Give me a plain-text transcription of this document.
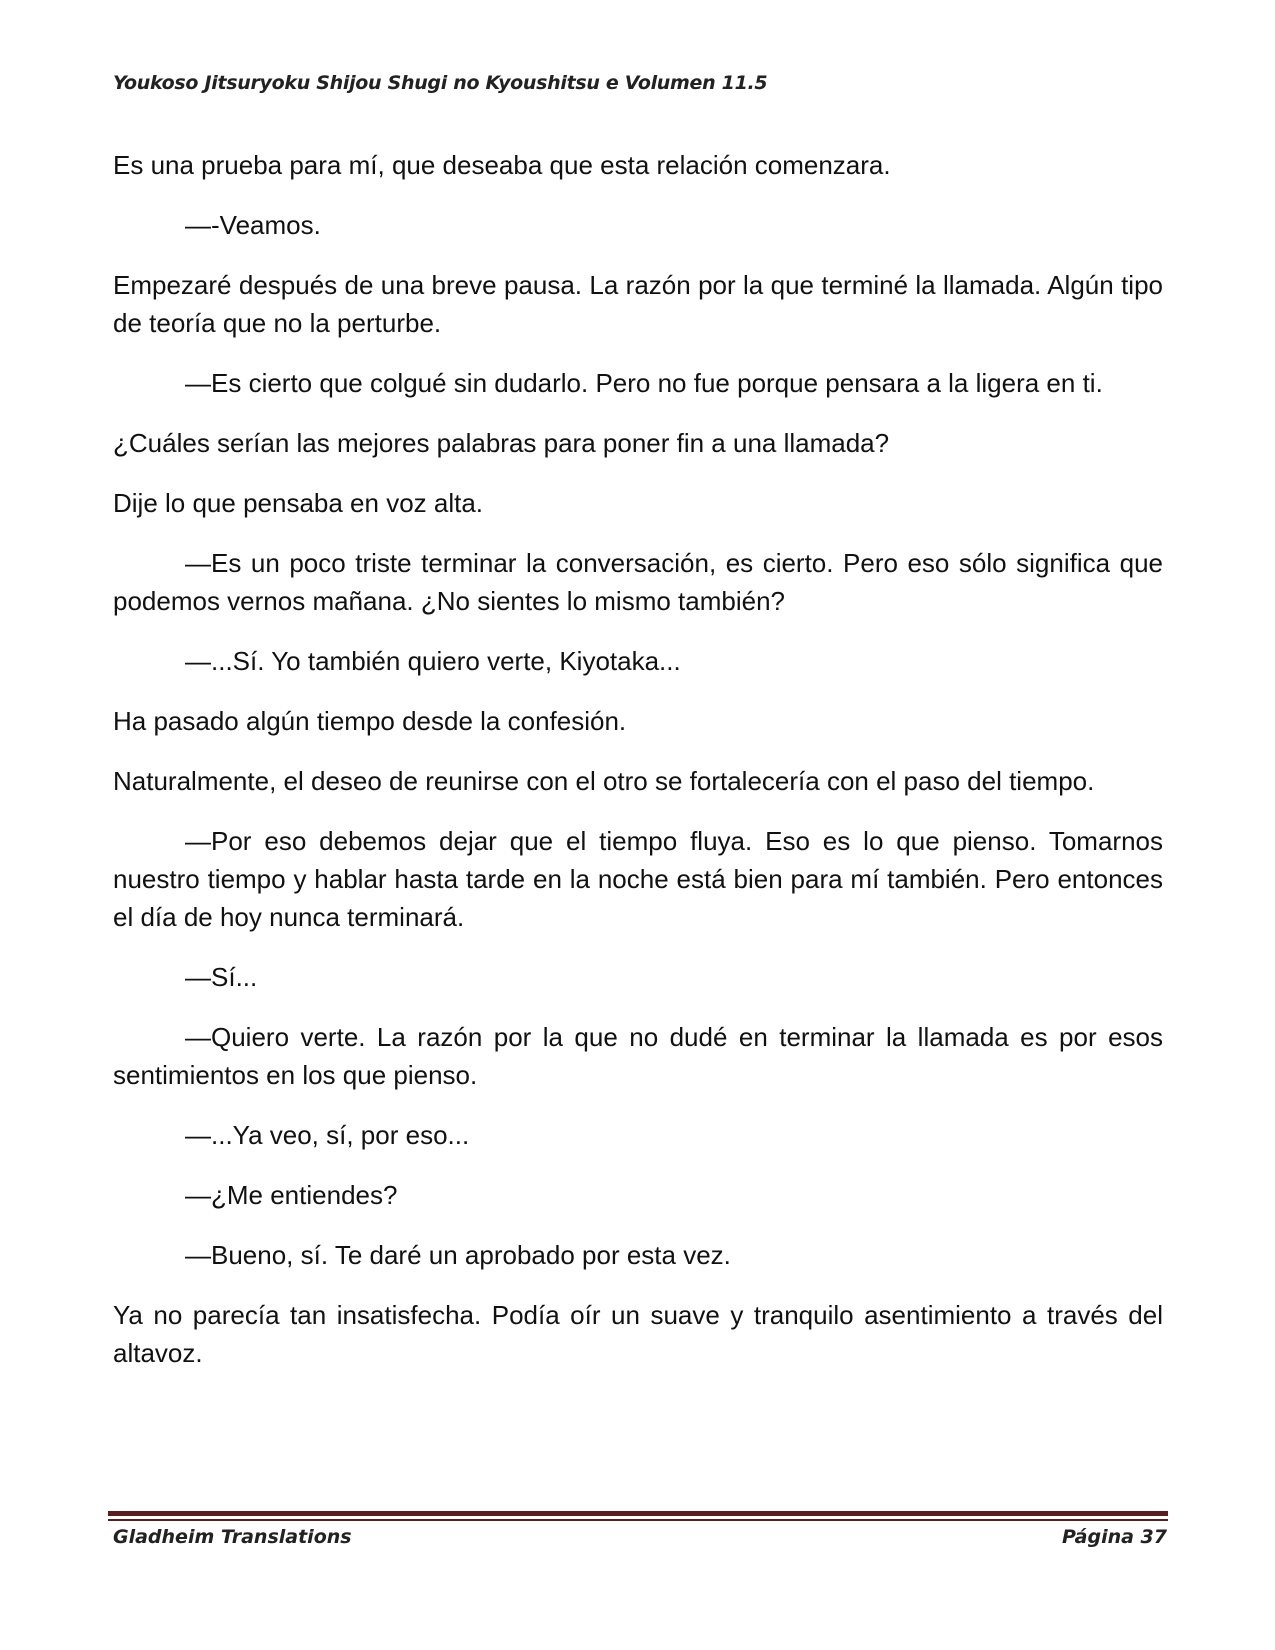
Youkoso Jitsuryoku Shijou Shugi no Kyoushitsu e Volumen 11.5

Es una prueba para mí, que deseaba que esta relación comenzara.

—-Veamos.

Empezaré después de una breve pausa. La razón por la que terminé la llamada. Algún tipo de teoría que no la perturbe.

—Es cierto que colgué sin dudarlo. Pero no fue porque pensara a la ligera en ti.

¿Cuáles serían las mejores palabras para poner fin a una llamada?

Dije lo que pensaba en voz alta.

—Es un poco triste terminar la conversación, es cierto. Pero eso sólo significa que podemos vernos mañana. ¿No sientes lo mismo también?

—...Sí. Yo también quiero verte, Kiyotaka...

Ha pasado algún tiempo desde la confesión.

Naturalmente, el deseo de reunirse con el otro se fortalecería con el paso del tiempo.

—Por eso debemos dejar que el tiempo fluya. Eso es lo que pienso. Tomarnos nuestro tiempo y hablar hasta tarde en la noche está bien para mí también. Pero entonces el día de hoy nunca terminará.

—Sí...

—Quiero verte. La razón por la que no dudé en terminar la llamada es por esos sentimientos en los que pienso.

—...Ya veo, sí, por eso...

—¿Me entiendes?

—Bueno, sí. Te daré un aprobado por esta vez.

Ya no parecía tan insatisfecha. Podía oír un suave y tranquilo asentimiento a través del altavoz.

Gladheim Translations	Página 37
